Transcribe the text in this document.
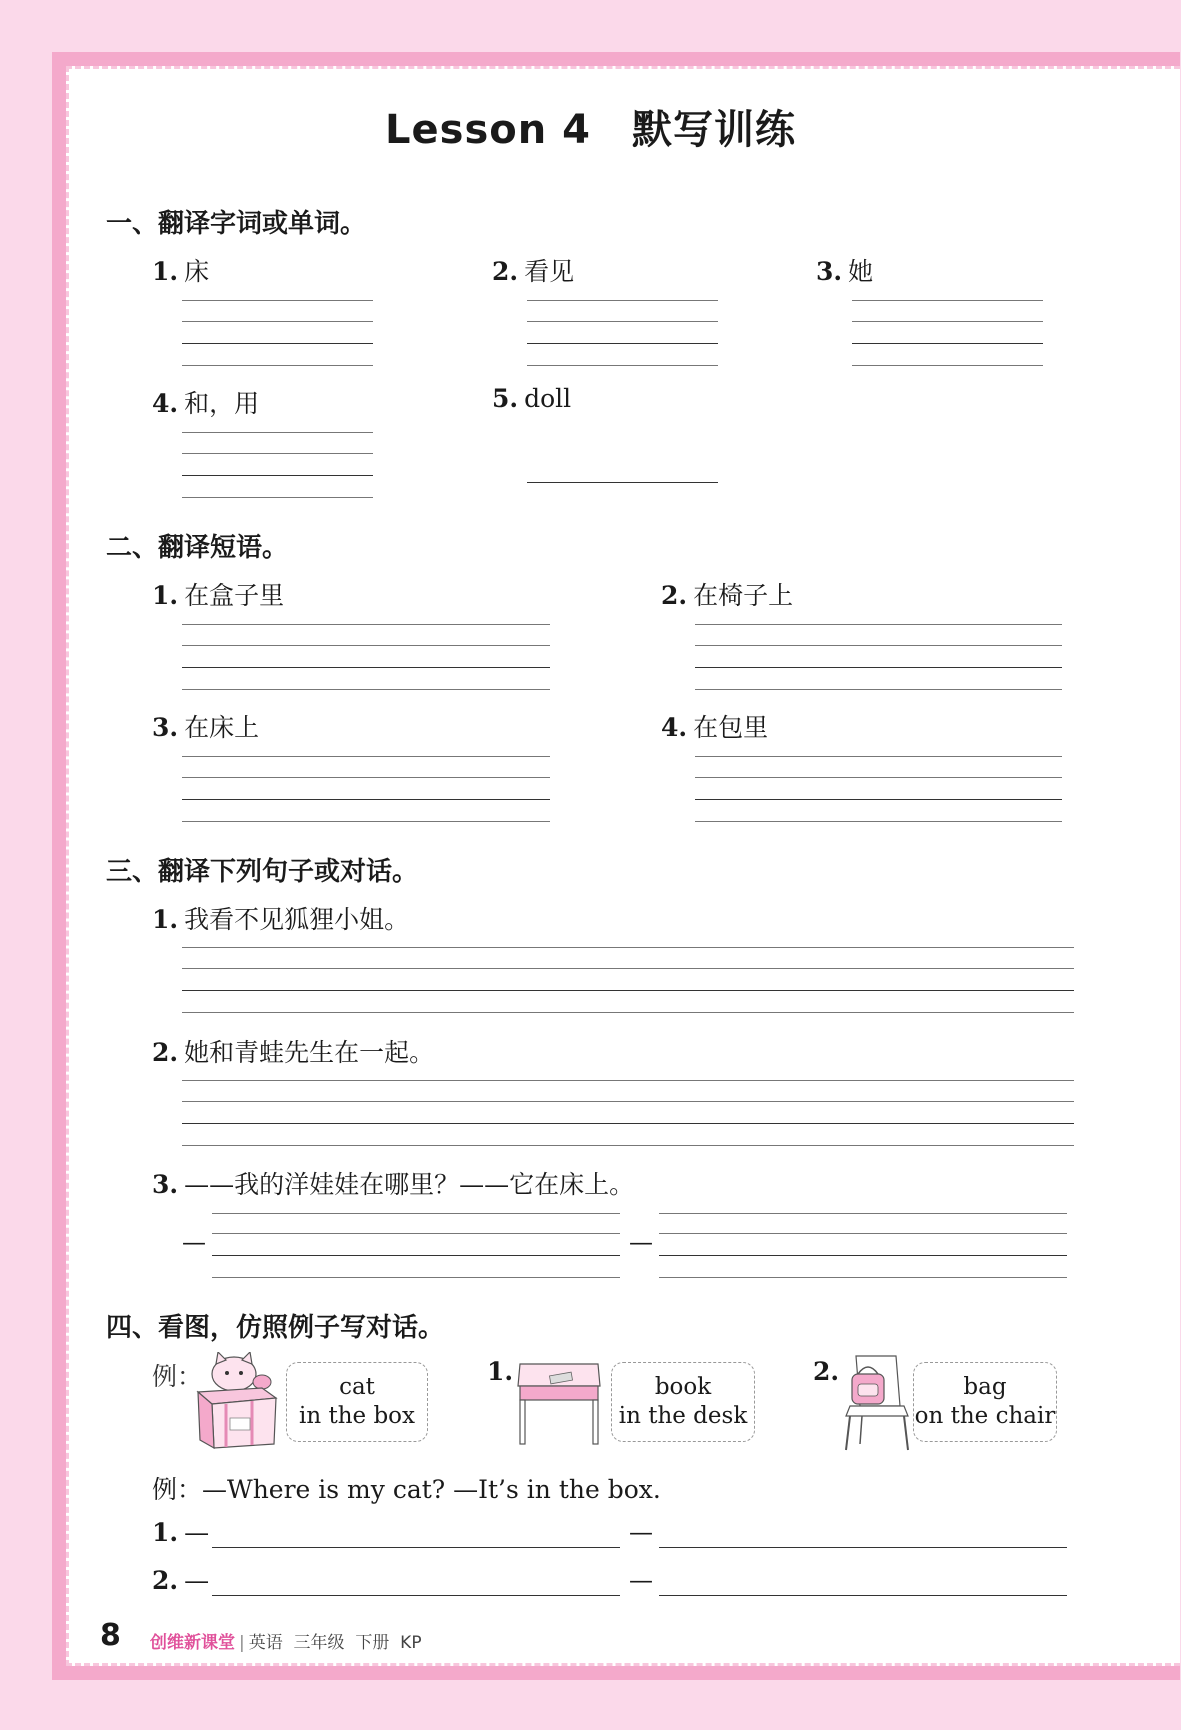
Lesson 4　默写训练
一、翻译字词或单词。
1. 床	2. 看见	3. 她
4. 和，用	5. doll
二、翻译短语。
1. 在盒子里	2. 在椅子上
3. 在床上	4. 在包里
三、翻译下列句子或对话。
1. 我看不见狐狸小姐。
2. 她和青蛙先生在一起。
3. ——我的洋娃娃在哪里？——它在床上。
—	—
四、看图，仿照例子写对话。
例：	cat
in the box
1.
book
in the desk
2.
bag
on the chair
例：—Where is my cat? —It’s in the box.
1. —	—
2. —	—
8 创维新课堂 | 英语 三年级 下册 KP
